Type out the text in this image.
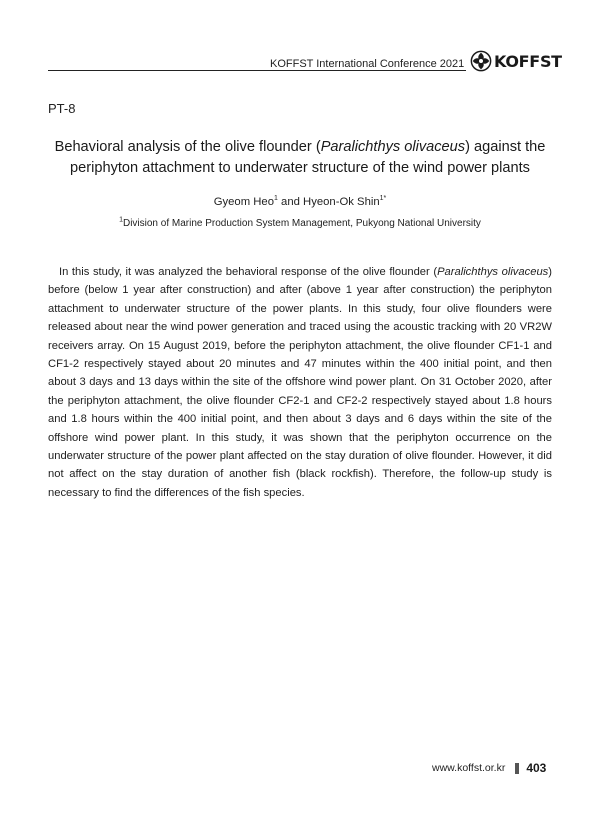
KOFFST International Conference 2021 KOFFST
PT-8
Behavioral analysis of the olive flounder (Paralichthys olivaceus) against the periphyton attachment to underwater structure of the wind power plants
Gyeom Heo$^1$ and Hyeon-Ok Shin$^{1*}$
$^1$Division of Marine Production System Management, Pukyong National University

In this study, it was analyzed the behavioral response of the olive flounder (Paralichthys olivaceus) before (below 1 year after construction) and after (above 1 year after construction) the periphyton attachment to underwater structure of the power plants. In this study, four olive flounders were released about near the wind power generation and traced using the acoustic tracking with 20 VR2W receivers array. On 15 August 2019, before the periphyton attachment, the olive flounder CF1-1 and CF1-2 respectively stayed about 20 minutes and 47 minutes within the 400 initial point, and then about 3 days and 13 days within the site of the offshore wind power plant. On 31 October 2020, after the periphyton attachment, the olive flounder CF2-1 and CF2-2 respectively stayed about 1.8 hours and 1.8 hours within the 400 initial point, and then about 3 days and 6 days within the site of the offshore wind power plant. In this study, it was shown that the periphyton occurrence on the underwater structure of the power plant affected on the stay duration of olive flounder. However, it did not affect on the stay duration of another fish (black rockfish). Therefore, the follow-up study is necessary to find the differences of the fish species.

www.koffst.or.kr 403
